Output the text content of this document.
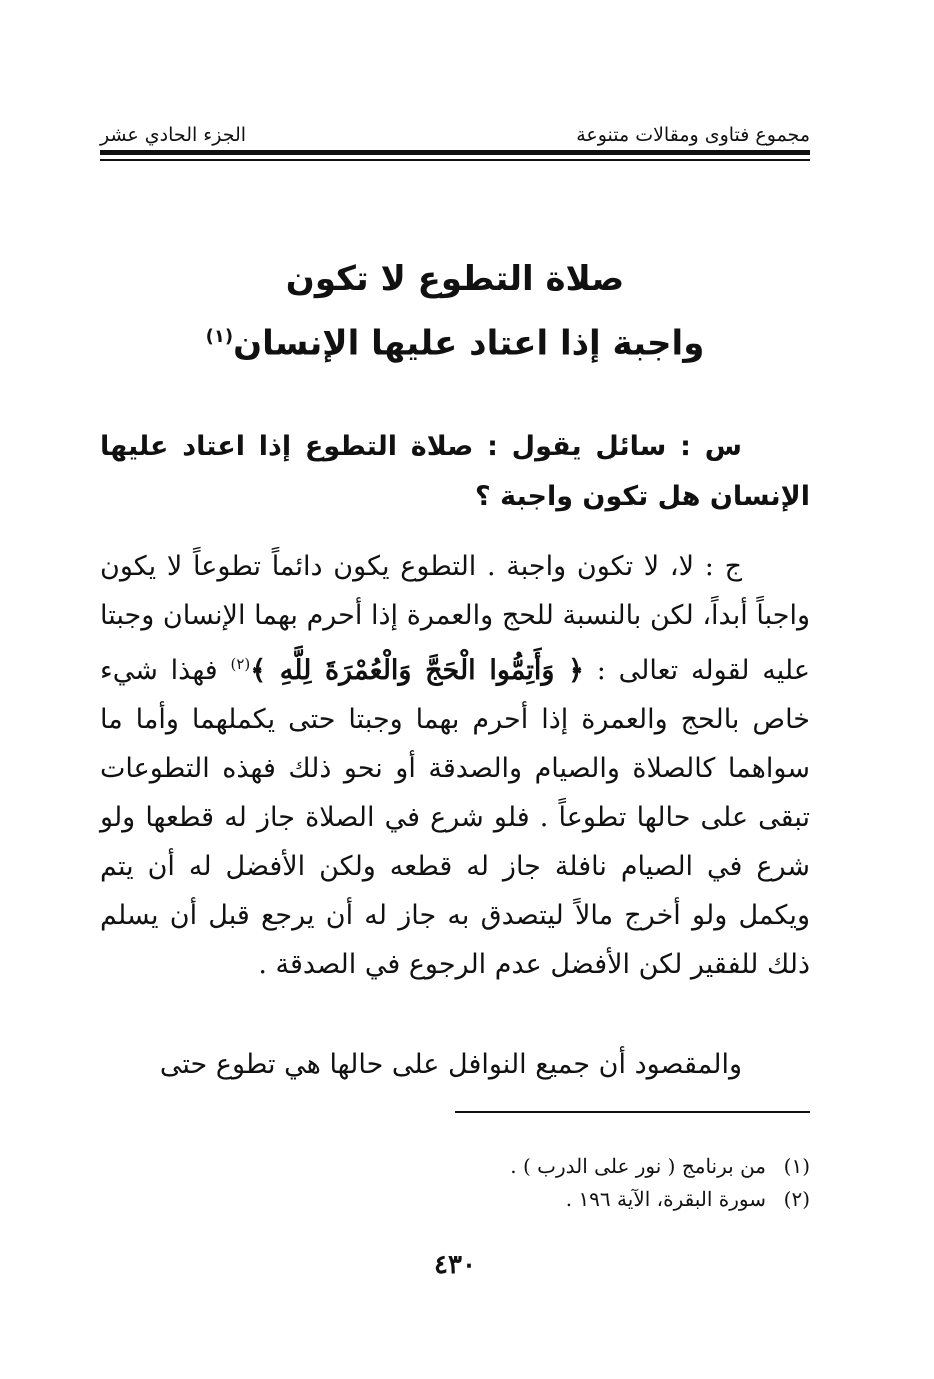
مجموع فتاوى ومقالات متنوعة
الجزء الحادي عشر
صلاة التطوع لا تكون
واجبة إذا اعتاد عليها الإنسان$^{(١)}$
س : سائل يقول : صلاة التطوع إذا اعتاد عليها الإنسان هل تكون واجبة ؟
ج : لا، لا تكون واجبة . التطوع يكون دائماً تطوعاً لا يكون واجباً أبداً، لكن بالنسبة للحج والعمرة إذا أحرم بهما الإنسان وجبتا عليه لقوله تعالى : ﴿ وَأَتِمُّوا الْحَجَّ وَالْعُمْرَةَ لِلَّهِ ﴾$^{(٢)}$ فهذا شيء خاص بالحج والعمرة إذا أحرم بهما وجبتا حتى يكملهما وأما ما سواهما كالصلاة والصيام والصدقة أو نحو ذلك فهذه التطوعات تبقى على حالها تطوعاً . فلو شرع في الصلاة جاز له قطعها ولو شرع في الصيام نافلة جاز له قطعه ولكن الأفضل له أن يتم ويكمل ولو أخرج مالاً ليتصدق به جاز له أن يرجع قبل أن يسلم ذلك للفقير لكن الأفضل عدم الرجوع في الصدقة .
والمقصود أن جميع النوافل على حالها هي تطوع حتى
(١)من برنامج ( نور على الدرب ) .
(٢)سورة البقرة، الآية ١٩٦ .
٤٣٠
